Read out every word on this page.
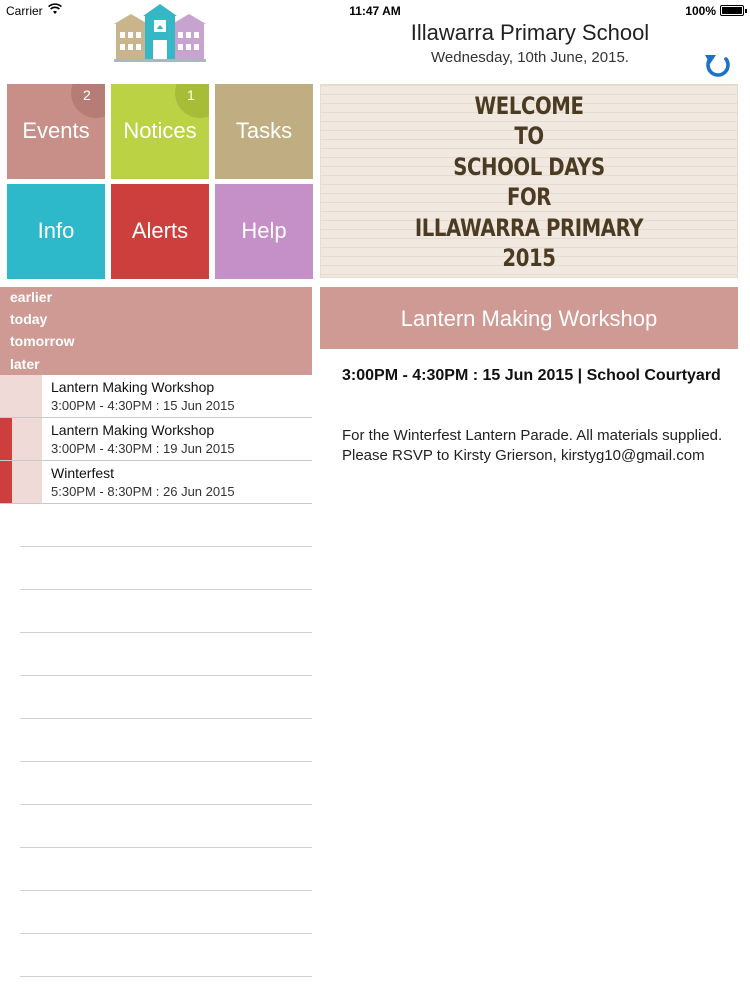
Carrier	11:47 AM	100%
Illawarra Primary School
Wednesday, 10th June, 2015.
2
Events
1
Notices	Tasks
Info	Alerts	Help
WELCOME
TO
SCHOOL DAYS
FOR
ILLAWARRA PRIMARY
2015
earlier
today
tomorrow
later
Lantern Making Workshop
3:00PM - 4:30PM : 15 Jun 2015
Lantern Making Workshop
3:00PM - 4:30PM : 19 Jun 2015
Winterfest
5:30PM - 8:30PM : 26 Jun 2015
Lantern Making Workshop
3:00PM - 4:30PM : 15 Jun 2015 | School Courtyard
For the Winterfest Lantern Parade. All materials supplied. Please RSVP to Kirsty Grierson, kirstyg10@gmail.com
